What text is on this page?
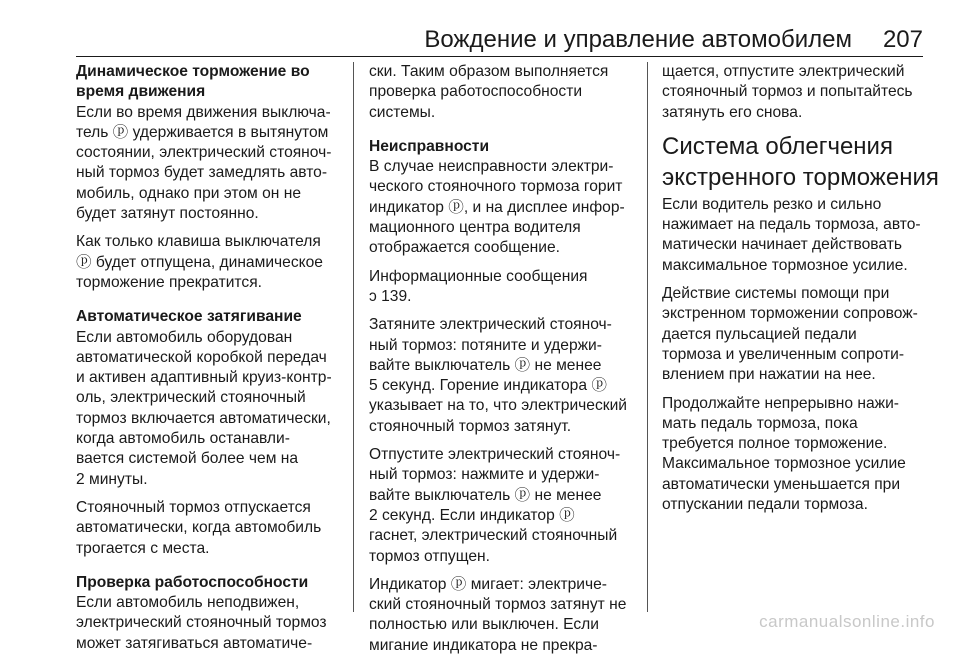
Вождение и управление автомобилем 207
Динамическое торможение во
время движения
Если во время движения выключа‐
тель ⓟ удерживается в вытянутом
состоянии, электрический стояноч‐
ный тормоз будет замедлять авто‐
мобиль, однако при этом он не
будет затянут постоянно.
Как только клавиша выключателя
ⓟ будет отпущена, динамическое
торможение прекратится.
Автоматическое затягивание
Если автомобиль оборудован
автоматической коробкой передач
и активен адаптивный круиз-контр‐
оль, электрический стояночный
тормоз включается автоматически,
когда автомобиль останавли‐
вается системой более чем на
2 минуты.
Стояночный тормоз отпускается
автоматически, когда автомобиль
трогается с места.
Проверка работоспособности
Если автомобиль неподвижен,
электрический стояночный тормоз
может затягиваться автоматиче‐
ски. Таким образом выполняется
проверка работоспособности
системы.
Неисправности
В случае неисправности электри‐
ческого стояночного тормоза горит
индикатор ⓟ, и на дисплее инфор‐
мационного центра водителя
отображается сообщение.
Информационные сообщения
ↄ 139.
Затяните электрический стояноч‐
ный тормоз: потяните и удержи‐
вайте выключатель ⓟ не менее
5 секунд. Горение индикатора ⓟ
указывает на то, что электрический
стояночный тормоз затянут.
Отпустите электрический стояноч‐
ный тормоз: нажмите и удержи‐
вайте выключатель ⓟ не менее
2 секунд. Если индикатор ⓟ
гаснет, электрический стояночный
тормоз отпущен.
Индикатор ⓟ мигает: электриче‐
ский стояночный тормоз затянут не
полностью или выключен. Если
мигание индикатора не прекра‐
щается, отпустите электрический
стояночный тормоз и попытайтесь
затянуть его снова.
Система облегчения
экстренного торможения
Если водитель резко и сильно
нажимает на педаль тормоза, авто‐
матически начинает действовать
максимальное тормозное усилие.
Действие системы помощи при
экстренном торможении сопровож‐
дается пульсацией педали
тормоза и увеличенным сопроти‐
влением при нажатии на нее.
Продолжайте непрерывно нажи‐
мать педаль тормоза, пока
требуется полное торможение.
Максимальное тормозное усилие
автоматически уменьшается при
отпускании педали тормоза.
carmanualsonline.info
